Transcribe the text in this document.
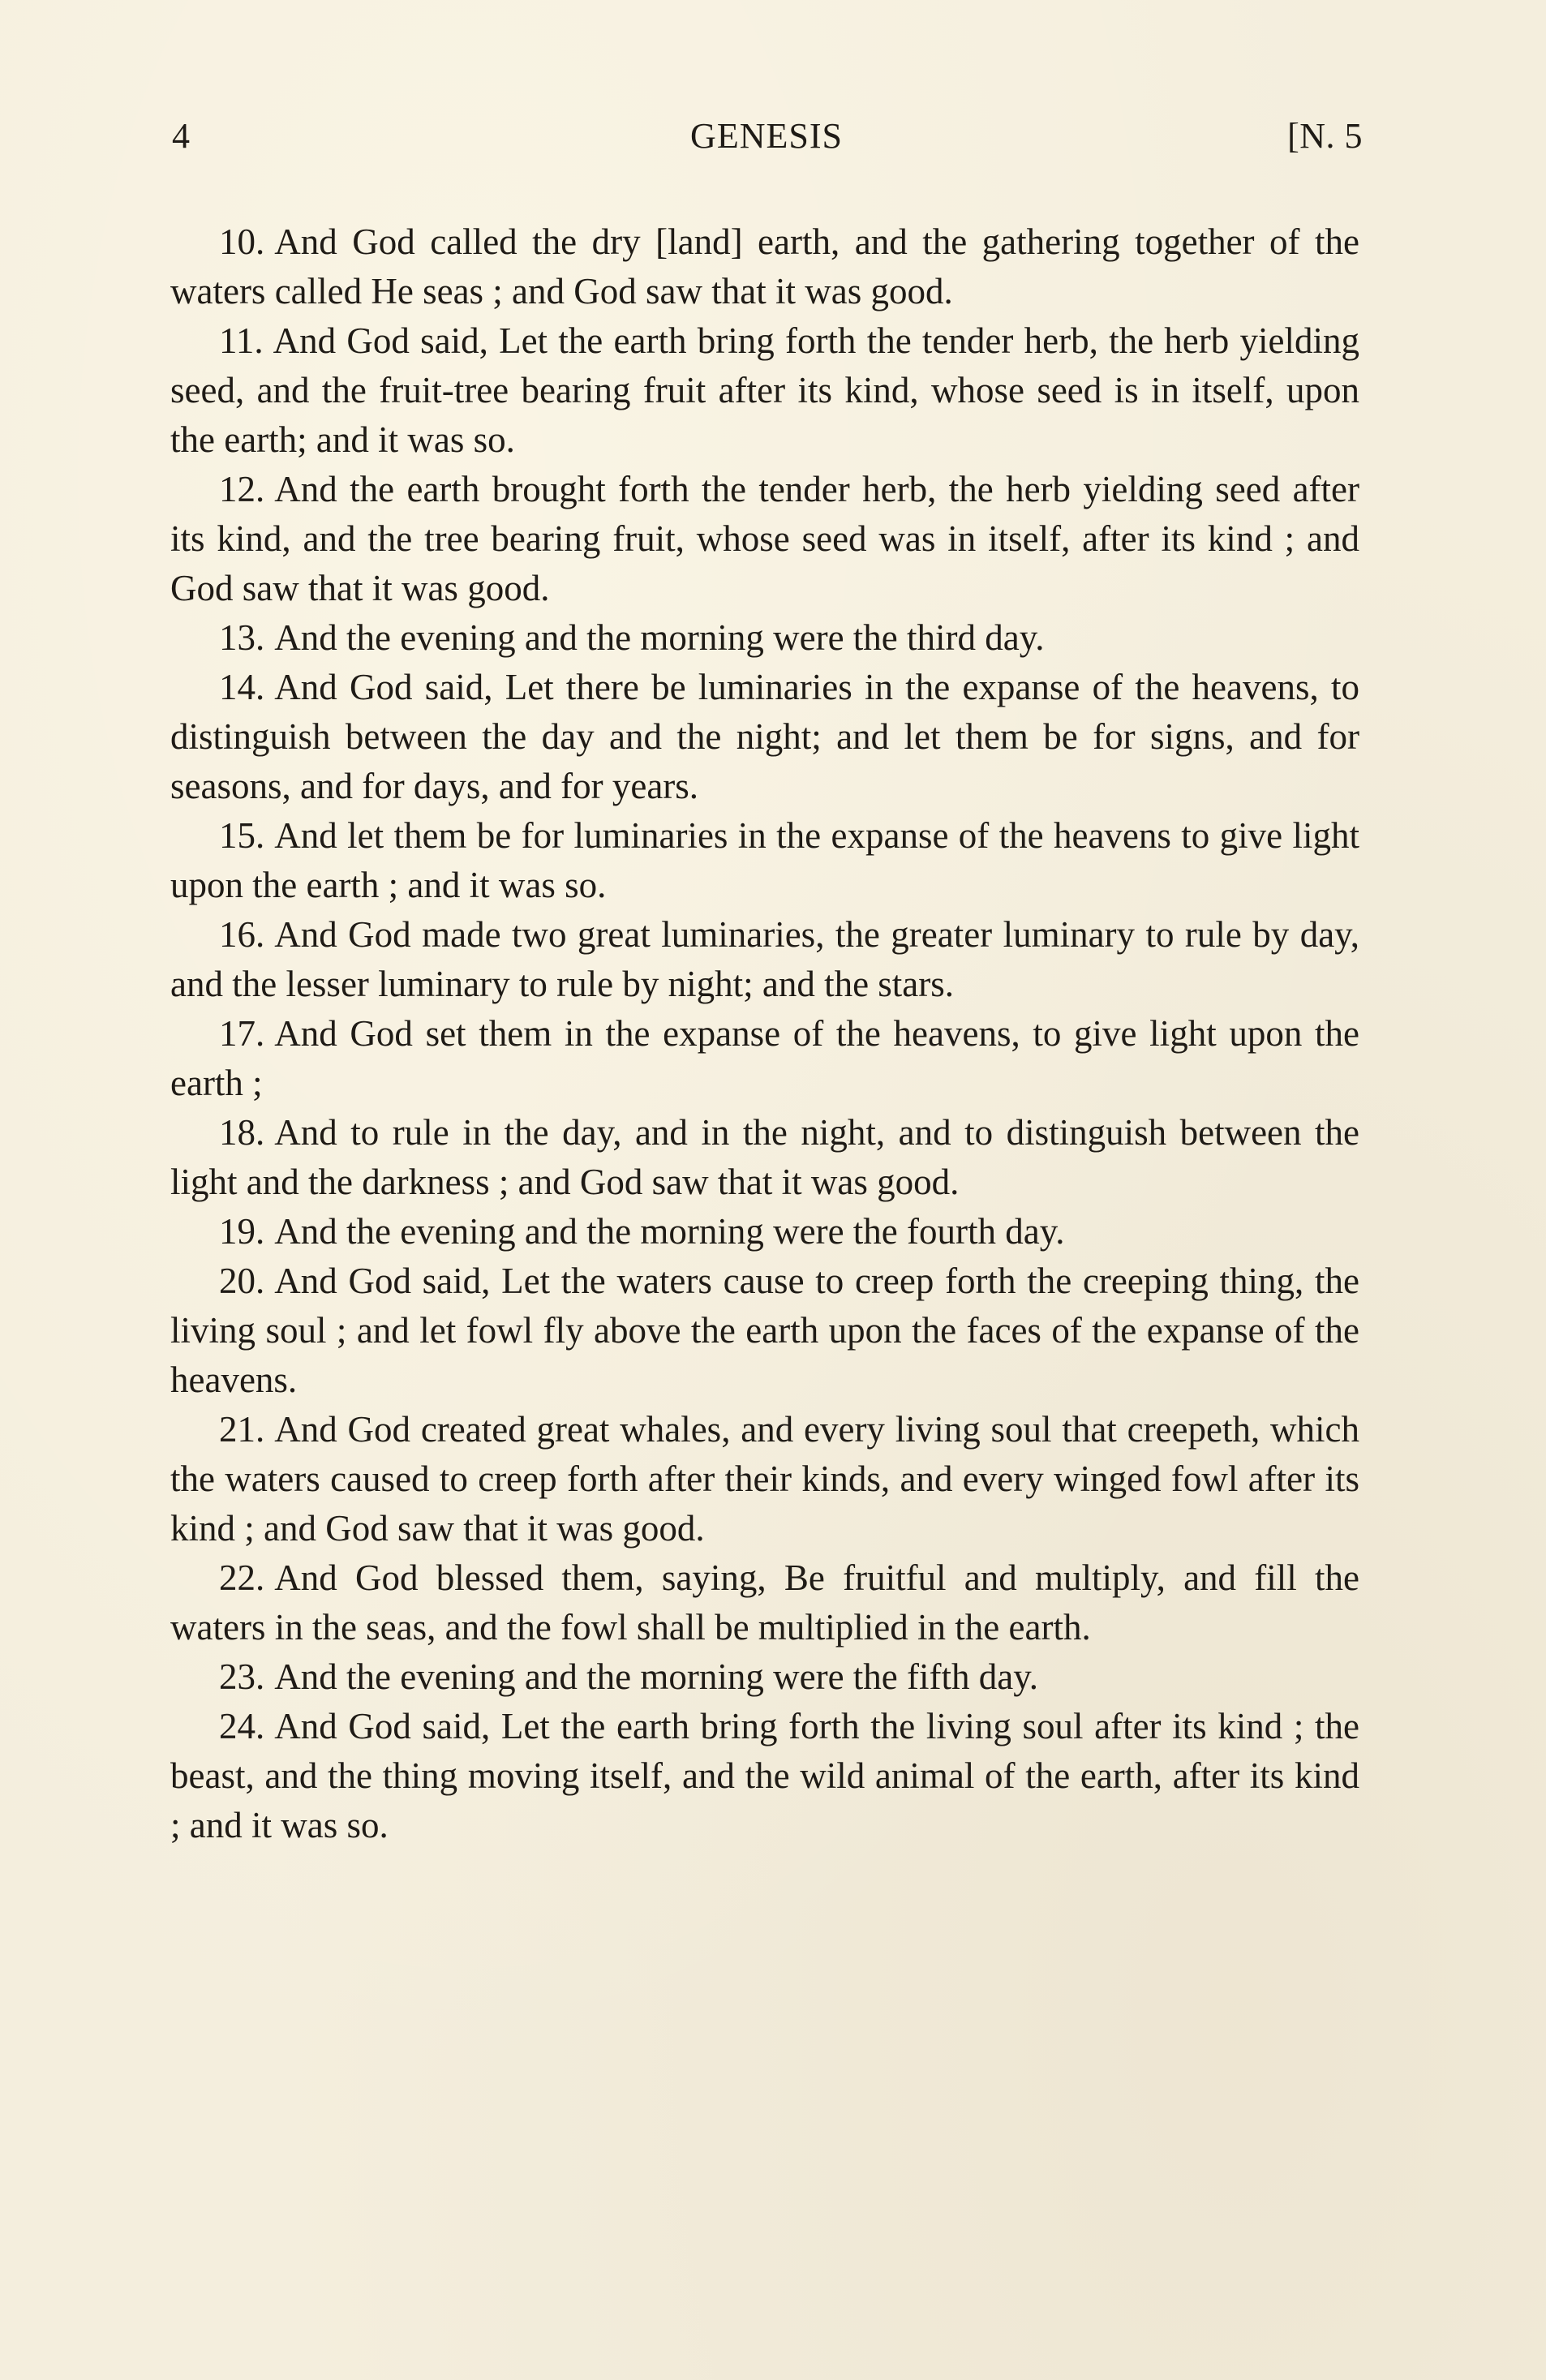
4	GENESIS	[N. 5

10. And God called the dry [land] earth, and the gathering together of the waters called He seas ; and God saw that it was good.

11. And God said, Let the earth bring forth the tender herb, the herb yielding seed, and the fruit-tree bearing fruit after its kind, whose seed is in itself, upon the earth; and it was so.

12. And the earth brought forth the tender herb, the herb yielding seed after its kind, and the tree bearing fruit, whose seed was in itself, after its kind ; and God saw that it was good.

13. And the evening and the morning were the third day.

14. And God said, Let there be luminaries in the expanse of the heavens, to distinguish between the day and the night; and let them be for signs, and for seasons, and for days, and for years.

15. And let them be for luminaries in the expanse of the heavens to give light upon the earth ; and it was so.

16. And God made two great luminaries, the greater luminary to rule by day, and the lesser luminary to rule by night; and the stars.

17. And God set them in the expanse of the heavens, to give light upon the earth ;

18. And to rule in the day, and in the night, and to distinguish between the light and the darkness ; and God saw that it was good.

19. And the evening and the morning were the fourth day.

20. And God said, Let the waters cause to creep forth the creeping thing, the living soul ; and let fowl fly above the earth upon the faces of the expanse of the heavens.

21. And God created great whales, and every living soul that creepeth, which the waters caused to creep forth after their kinds, and every winged fowl after its kind ; and God saw that it was good.

22. And God blessed them, saying, Be fruitful and multiply, and fill the waters in the seas, and the fowl shall be multiplied in the earth.

23. And the evening and the morning were the fifth day.

24. And God said, Let the earth bring forth the living soul after its kind ; the beast, and the thing moving itself, and the wild animal of the earth, after its kind ; and it was so.
